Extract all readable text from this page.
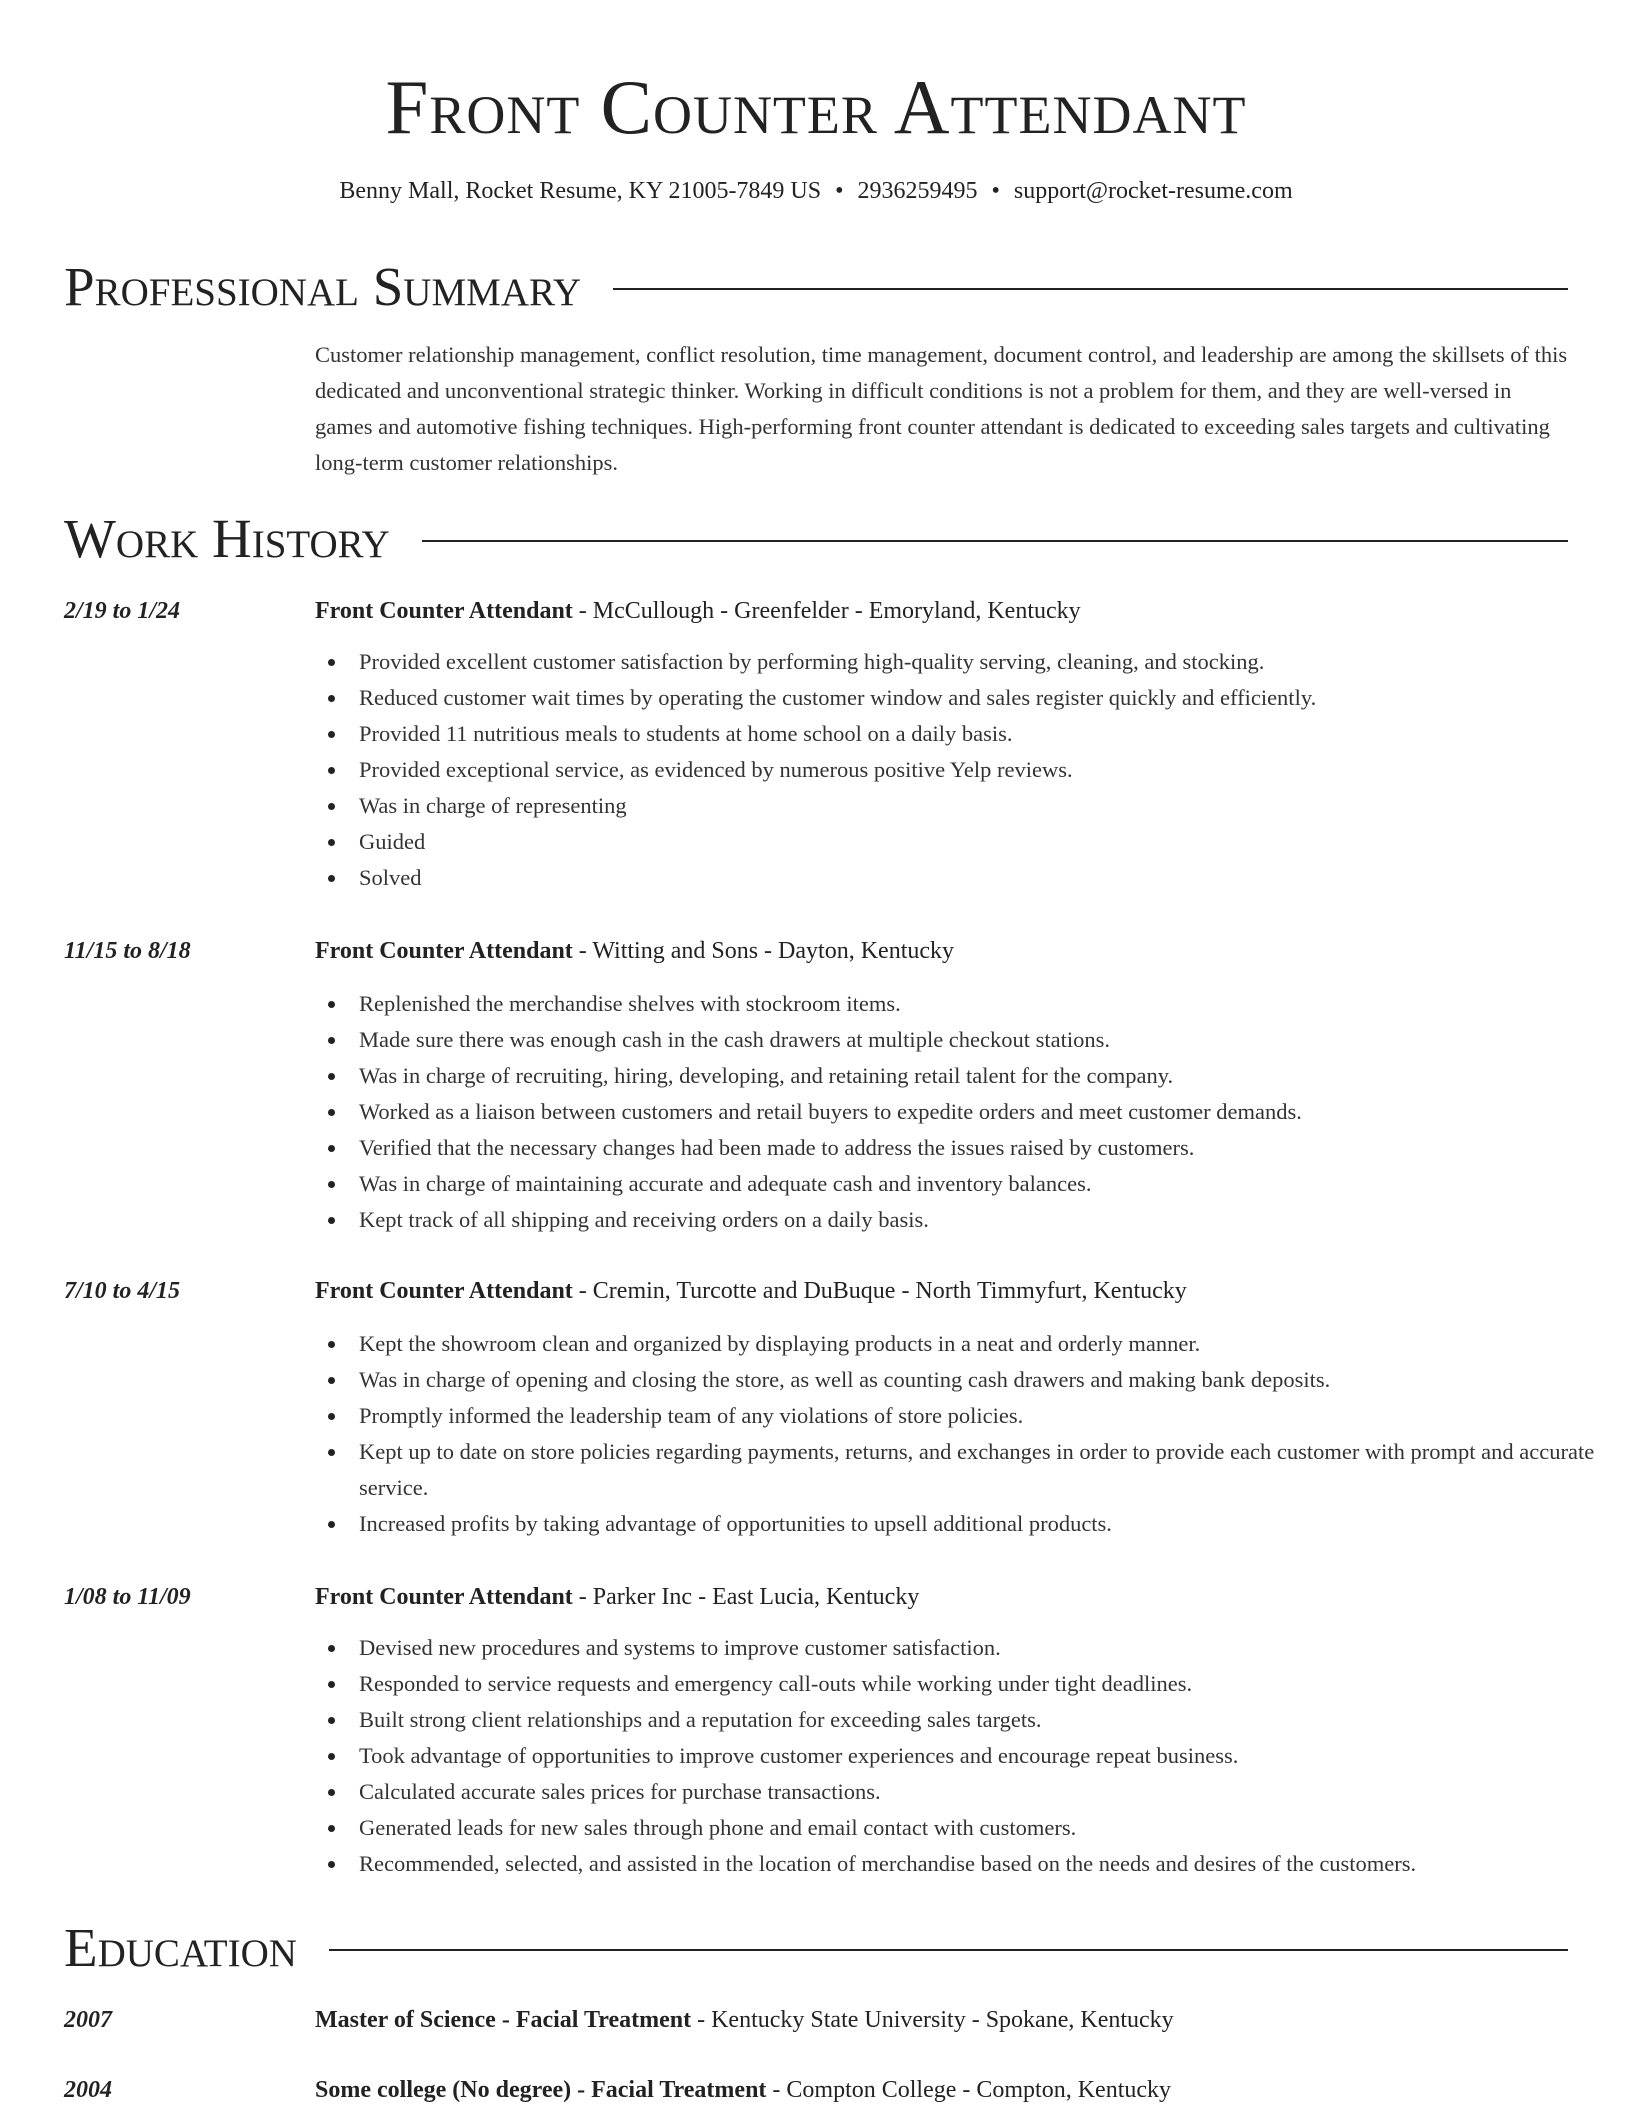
Front Counter Attendant
Benny Mall, Rocket Resume, KY 21005-7849 US • 2936259495 • support@rocket-resume.com
Professional Summary

Customer relationship management, conflict resolution, time management, document control, and leadership are among the skillsets of this dedicated and unconventional strategic thinker. Working in difficult conditions is not a problem for them, and they are well-versed in games and automotive fishing techniques. High-performing front counter attendant is dedicated to exceeding sales targets and cultivating long-term customer relationships.

Work History
2/19 to 1/24	Front Counter Attendant - McCullough - Greenfelder - Emoryland, Kentucky
Provided excellent customer satisfaction by performing high-quality serving, cleaning, and stocking.
Reduced customer wait times by operating the customer window and sales register quickly and efficiently.
Provided 11 nutritious meals to students at home school on a daily basis.
Provided exceptional service, as evidenced by numerous positive Yelp reviews.
Was in charge of representing
Guided
Solved
11/15 to 8/18	Front Counter Attendant - Witting and Sons - Dayton, Kentucky
Replenished the merchandise shelves with stockroom items.
Made sure there was enough cash in the cash drawers at multiple checkout stations.
Was in charge of recruiting, hiring, developing, and retaining retail talent for the company.
Worked as a liaison between customers and retail buyers to expedite orders and meet customer demands.
Verified that the necessary changes had been made to address the issues raised by customers.
Was in charge of maintaining accurate and adequate cash and inventory balances.
Kept track of all shipping and receiving orders on a daily basis.
7/10 to 4/15	Front Counter Attendant - Cremin, Turcotte and DuBuque - North Timmyfurt, Kentucky
Kept the showroom clean and organized by displaying products in a neat and orderly manner.
Was in charge of opening and closing the store, as well as counting cash drawers and making bank deposits.
Promptly informed the leadership team of any violations of store policies.
Kept up to date on store policies regarding payments, returns, and exchanges in order to provide each customer with prompt and accurate service.
Increased profits by taking advantage of opportunities to upsell additional products.
1/08 to 11/09	Front Counter Attendant - Parker Inc - East Lucia, Kentucky
Devised new procedures and systems to improve customer satisfaction.
Responded to service requests and emergency call-outs while working under tight deadlines.
Built strong client relationships and a reputation for exceeding sales targets.
Took advantage of opportunities to improve customer experiences and encourage repeat business.
Calculated accurate sales prices for purchase transactions.
Generated leads for new sales through phone and email contact with customers.
Recommended, selected, and assisted in the location of merchandise based on the needs and desires of the customers.
Education
2007	Master of Science - Facial Treatment - Kentucky State University - Spokane, Kentucky
2004	Some college (No degree) - Facial Treatment - Compton College - Compton, Kentucky
